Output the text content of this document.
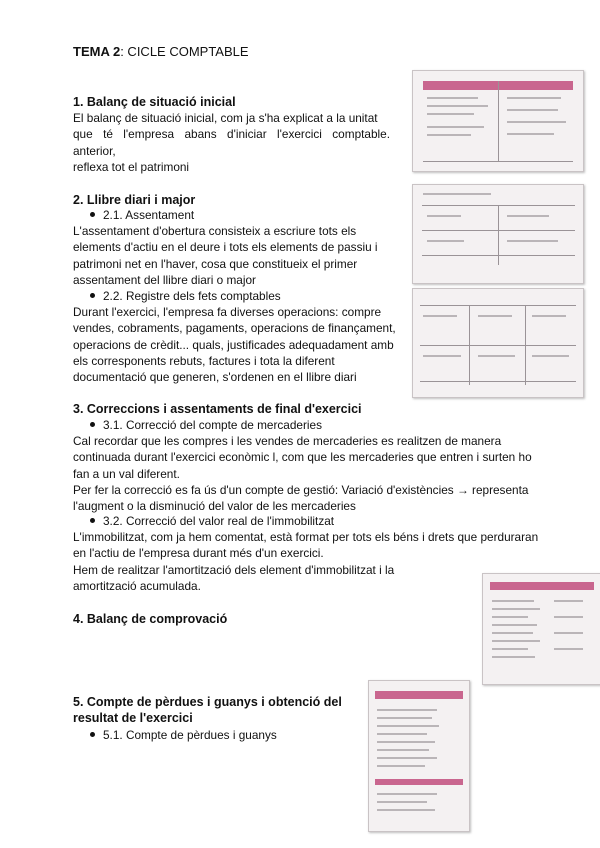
TEMA 2: CICLE COMPTABLE
1. Balanç de situació inicial
El balanç de situació inicial, com ja s'ha explicat a la unitat
que té l'empresa abans d'iniciar l'exercici comptable. anterior,
reflexa tot el patrimoni
2. Llibre diari i major
2.1. Assentament
L'assentament d'obertura consisteix a escriure tots els
elements d'actiu en el deure i tots els elements de passiu i
patrimoni net en l'haver, cosa que constitueix el primer
assentament del llibre diari o major
2.2. Registre dels fets comptables
Durant l'exercici, l'empresa fa diverses operacions: compre
vendes, cobraments, pagaments, operacions de finançament,
operacions de crèdit... quals, justificades adequadament amb
els corresponents rebuts, factures i tota la diferent
documentació que generen, s'ordenen en el llibre diari
3. Correccions i assentaments de final d'exercici
3.1. Correcció del compte de mercaderies
Cal recordar que les compres i les vendes de mercaderies es realitzen de manera
continuada durant l'exercici econòmic l, com que les mercaderies que entren i surten ho
fan a un val diferent.
Per fer la correcció es fa ús d'un compte de gestió: Variació d'existències → representa
l'augment o la disminució del valor de les mercaderies
3.2. Correcció del valor real de l'immobilitzat
L'immobilitzat, com ja hem comentat, està format per tots els béns i drets que perduraran
en l'actiu de l'empresa durant més d'un exercici.
Hem de realitzar l'amortització dels element d'immobilitzat i la
amortització acumulada.
4. Balanç de comprovació
5. Compte de pèrdues i guanys i obtenció del
resultat de l'exercici
5.1. Compte de pèrdues i guanys
